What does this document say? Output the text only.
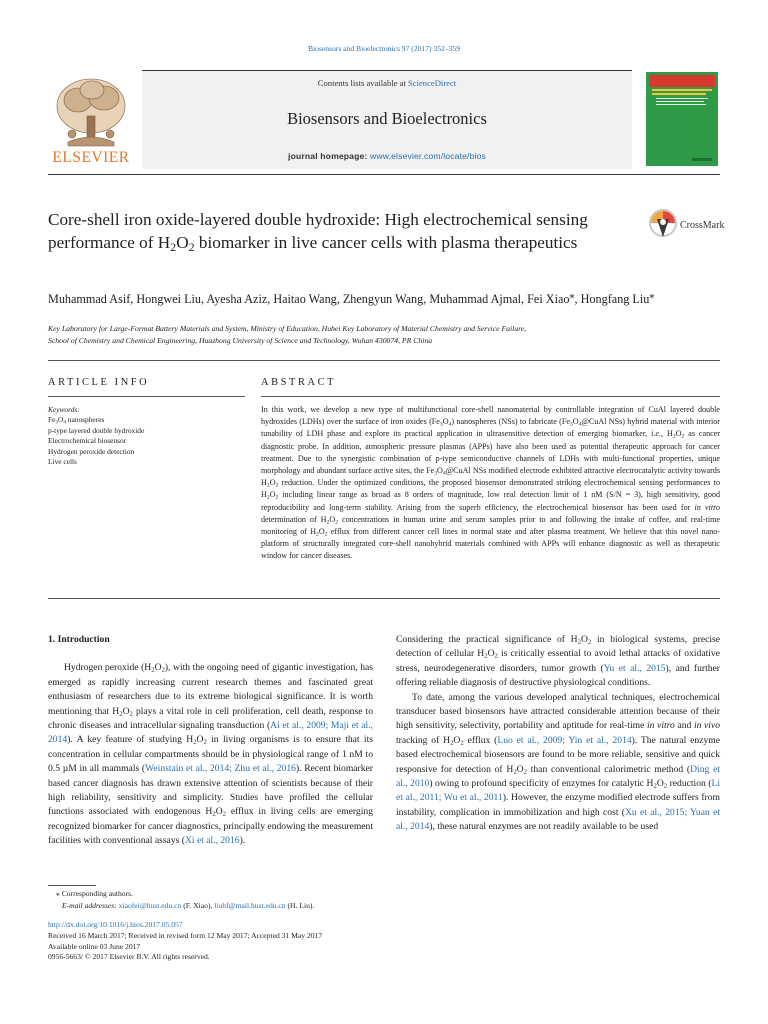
Biosensors and Bioelectronics 97 (2017) 352–359
ELSEVIER
Contents lists available at ScienceDirect
Biosensors and Bioelectronics
journal homepage: www.elsevier.com/locate/bios
Core-shell iron oxide-layered double hydroxide: High electrochemical sensing performance of $H_2O_2$ biomarker in live cancer cells with plasma therapeutics
CrossMark
Muhammad Asif, Hongwei Liu, Ayesha Aziz, Haitao Wang, Zhengyun Wang, Muhammad Ajmal, Fei Xiao⁎, Hongfang Liu⁎
Key Laboratory for Large-Format Battery Materials and System, Ministry of Education, Hubei Key Laboratory of Material Chemistry and Service Failure,
School of Chemistry and Chemical Engineering, Huazhong University of Science and Technology, Wuhan 430074, PR China
ARTICLE INFO	ABSTRACT
Keywords:
$Fe_3O_4$ nanospheres
p-type layered double hydroxide
Electrochemical biosensor
Hydrogen peroxide detection
Live cells
In this work, we develop a new type of multifunctional core-shell nanomaterial by controllable integration of CuAl layered double hydroxides (LDHs) over the surface of iron oxides $(Fe_3O_4)$ nanospheres (NSs) to fabricate ($Fe_3O_4@CuAl$ NSs) hybrid material with interior tunability of LDH phase and explore its practical application in ultrasensitive detection of emerging biomarker, i.e., $H_2O_2$ as cancer diagnostic probe. In addition, atmospheric pressure plasmas (APPs) have also been used as potential therapeutic approach for cancer treatment. Due to the synergistic combination of p-type semiconductive channels of LDHs with multi-functional properties, unique morphology and abundant surface active sites, the $Fe_3O_4@CuAl$ NSs modified electrode exhibited attractive electrocatalytic activity towards $H_2O_2$ reduction. Under the optimized conditions, the proposed biosensor demonstrated striking electrochemical sensing performances to $H_2O_2$ including linear range as broad as 8 orders of magnitude, low real detection limit of 1 nM (S/N = 3), high sensitivity, good reproducibility and long-term stability. Arising from the superb efficiency, the electrochemical biosensor has been used for in vitro determination of $H_2O_2$ concentrations in human urine and serum samples prior to and following the intake of coffee, and real-time monitoring of $H_2O_2$ efflux from different cancer cell lines in normal state and after plasma treatment. We believe that this novel nano-platform of structurally integrated core-shell nanohybrid materials combined with APPs will enhance diagnostic as well as therapeutic window for cancer diseases.
1. Introduction

Hydrogen peroxide $(H_2O_2)$, with the ongoing need of gigantic investigation, has emerged as rapidly increasing current research themes and fascinated great enthusiasm of researchers due to its extreme biological significance. It is worth mentioning that $H_2O_2$ plays a vital role in cell proliferation, cell death, response to chronic diseases and intracellular signaling transduction (Ai et al., 2009; Maji et al., 2014). A key feature of studying $H_2O_2$ in living organisms is to ensure that its concentration in cellular compartments should be in physiological range of 1 nM to 0.5 µM in all mammals (Weinstain et al., 2014; Zhu et al., 2016). Recent biomarker based cancer diagnosis has drawn extensive attention of scientists because of their high reliability, sensitivity and simplicity. Studies have profiled the cellular functions associated with endogenous $H_2O_2$ efflux in living cells are emerging recognized biomarker for cancer diagnostics, principally endowing the measurement facilities with conventional assays (Xi et al., 2016).

Considering the practical significance of $H_2O_2$ in biological systems, precise detection of cellular $H_2O_2$ is critically essential to avoid lethal attacks of oxidative stress, neurodegenerative disorders, tumor growth (Yu et al., 2015), and further offering reliable diagnosis of destructive physiological conditions.

To date, among the various developed analytical techniques, electrochemical transducer based biosensors have attracted considerable attention because of their high sensitivity, selectivity, portability and aptitude for real-time in vitro and in vivo tracking of $H_2O_2$ efflux (Luo et al., 2009; Yin et al., 2014). The natural enzyme based electrochemical biosensors are found to be more reliable, sensitive and quick responsive for detection of $H_2O_2$ than conventional calorimetric method (Ding et al., 2010) owing to profound specificity of enzymes for catalytic $H_2O_2$ reduction (Li et al., 2011; Wu et al., 2011). However, the enzyme modified electrode suffers from instability, complication in immobilization and high cost (Xu et al., 2015; Yuan et al., 2014), these natural enzymes are not readily available to be used

⁎ Corresponding authors.
E-mail addresses: xiaofei@hust.edu.cn (F. Xiao), liuhf@mail.hust.edu.cn (H. Liu).
http://dx.doi.org/10.1016/j.bios.2017.05.057
Received 16 March 2017; Received in revised form 12 May 2017; Accepted 31 May 2017
Available online 03 June 2017
0956-5663/ © 2017 Elsevier B.V. All rights reserved.
